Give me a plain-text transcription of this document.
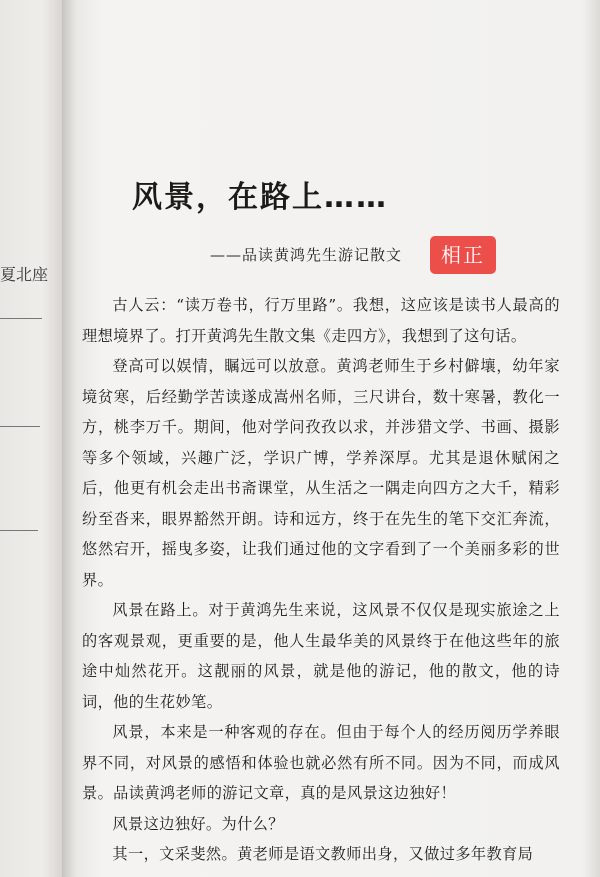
夏北座
风景，在路上……
——品读黄鸿先生游记散文	相正

古人云：“读万卷书，行万里路”。我想，这应该是读书人最高的理想境界了。打开黄鸿先生散文集《走四方》，我想到了这句话。

登高可以娱情，瞩远可以放意。黄鸿老师生于乡村僻壤，幼年家境贫寒，后经勤学苦读遂成嵩州名师，三尺讲台，数十寒暑，教化一方，桃李万千。期间，他对学问孜孜以求，并涉猎文学、书画、摄影等多个领域，兴趣广泛，学识广博，学养深厚。尤其是退休赋闲之后，他更有机会走出书斋课堂，从生活之一隅走向四方之大千，精彩纷至沓来，眼界豁然开朗。诗和远方，终于在先生的笔下交汇奔流，悠然宕开，摇曳多姿，让我们通过他的文字看到了一个美丽多彩的世界。

风景在路上。对于黄鸿先生来说，这风景不仅仅是现实旅途之上的客观景观，更重要的是，他人生最华美的风景终于在他这些年的旅途中灿然花开。这靓丽的风景，就是他的游记，他的散文，他的诗词，他的生花妙笔。

风景，本来是一种客观的存在。但由于每个人的经历阅历学养眼界不同，对风景的感悟和体验也就必然有所不同。因为不同，而成风景。品读黄鸿老师的游记文章，真的是风景这边独好！

风景这边独好。为什么？

其一，文采斐然。黄老师是语文教师出身，又做过多年教育局
